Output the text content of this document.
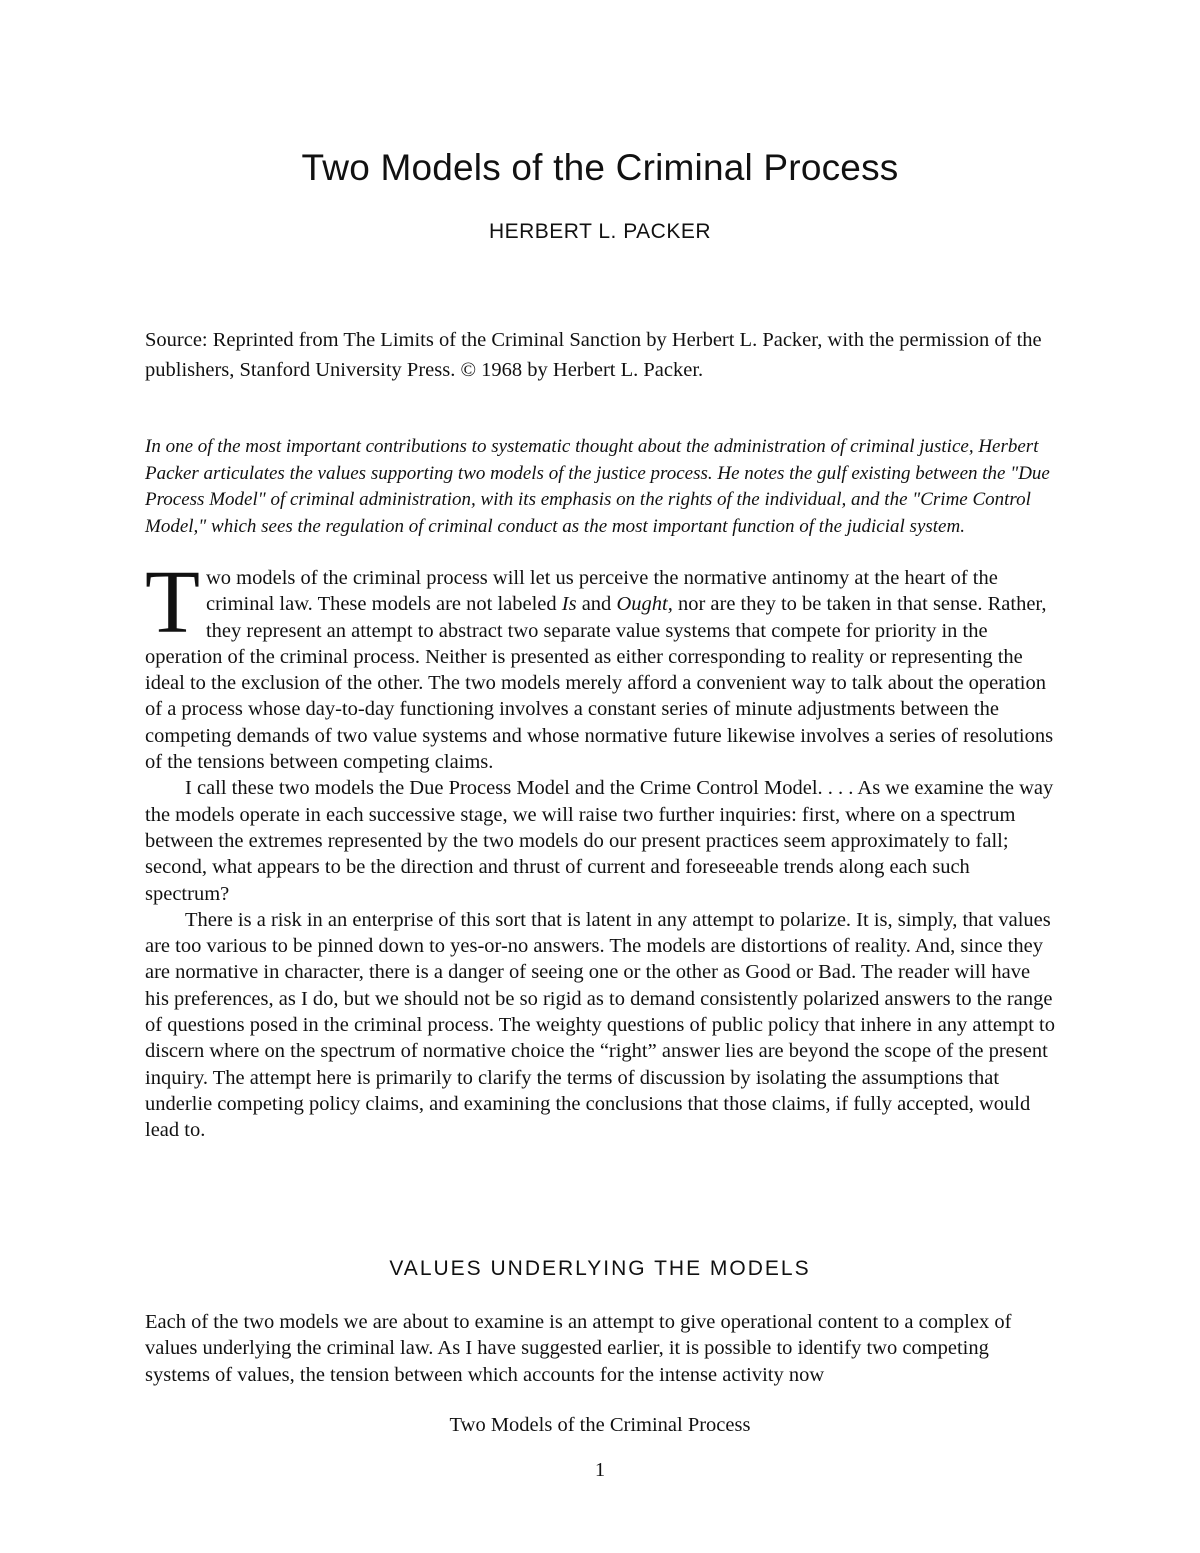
Two Models of the Criminal Process
HERBERT L. PACKER

Source: Reprinted from The Limits of the Criminal Sanction by Herbert L. Packer, with the permission of the publishers, Stanford University Press. © 1968 by Herbert L. Packer.

In one of the most important contributions to systematic thought about the administration of criminal justice, Herbert Packer articulates the values supporting two models of the justice process. He notes the gulf existing between the "Due Process Model" of criminal administration, with its emphasis on the rights of the individual, and the "Crime Control Model," which sees the regulation of criminal conduct as the most important function of the judicial system.

Two models of the criminal process will let us perceive the normative antinomy at the heart of the criminal law. These models are not labeled Is and Ought, nor are they to be taken in that sense. Rather, they represent an attempt to abstract two separate value systems that compete for priority in the operation of the criminal process. Neither is presented as either corresponding to reality or representing the ideal to the exclusion of the other. The two models merely afford a convenient way to talk about the operation of a process whose day-to-day functioning involves a constant series of minute adjustments between the competing demands of two value systems and whose normative future likewise involves a series of resolutions of the tensions between competing claims.

I call these two models the Due Process Model and the Crime Control Model. . . . As we examine the way the models operate in each successive stage, we will raise two further inquiries: first, where on a spectrum between the extremes represented by the two models do our present practices seem approximately to fall; second, what appears to be the direction and thrust of current and foreseeable trends along each such spectrum?

There is a risk in an enterprise of this sort that is latent in any attempt to polarize. It is, simply, that values are too various to be pinned down to yes-or-no answers. The models are distortions of reality. And, since they are normative in character, there is a danger of seeing one or the other as Good or Bad. The reader will have his preferences, as I do, but we should not be so rigid as to demand consistently polarized answers to the range of questions posed in the criminal process. The weighty questions of public policy that inhere in any attempt to discern where on the spectrum of normative choice the “right” answer lies are beyond the scope of the present inquiry. The attempt here is primarily to clarify the terms of discussion by isolating the assumptions that underlie competing policy claims, and examining the conclusions that those claims, if fully accepted, would lead to.

VALUES UNDERLYING THE MODELS

Each of the two models we are about to examine is an attempt to give operational content to a complex of values underlying the criminal law. As I have suggested earlier, it is possible to identify two competing systems of values, the tension between which accounts for the intense activity now

Two Models of the Criminal Process
1
